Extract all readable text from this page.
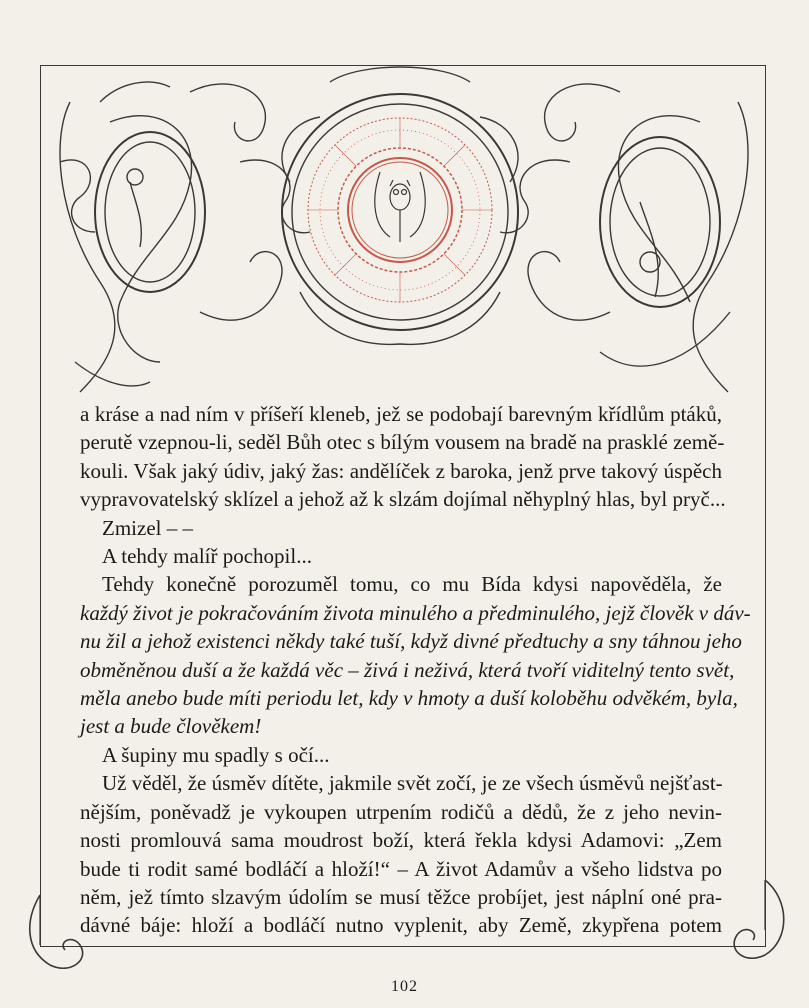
a kráse a nad ním v příšeří kleneb, jež se podobají barevným křídlům ptáků,
perutě vzepnou-li, seděl Bůh otec s bílým vousem na bradě na prasklé země-
kouli. Však jaký údiv, jaký žas: andělíček z baroka, jenž prve takový úspěch
vypravovatelský sklízel a jehož až k slzám dojímal něhyplný hlas, byl pryč...

Zmizel – –

A tehdy malíř pochopil...

Tehdy konečně porozuměl tomu, co mu Bída kdysi napověděla, že
každý život je pokračováním života minulého a předminulého, jejž člověk v dáv-
nu žil a jehož existenci někdy také tuší, když divné předtuchy a sny táhnou jeho
obměněnou duší a že každá věc – živá i neživá, která tvoří viditelný tento svět,
měla anebo bude míti periodu let, kdy v hmoty a duší koloběhu odvěkém, byla,
jest a bude člověkem!

A šupiny mu spadly s očí...

Už věděl, že úsměv dítěte, jakmile svět zočí, je ze všech úsměvů nejšťast-
nějším, poněvadž je vykoupen utrpením rodičů a dědů, že z jeho nevin-
nosti promlouvá sama moudrost boží, která řekla kdysi Adamovi: „Zem
bude ti rodit samé bodláčí a hloží!“ – A život Adamův a všeho lidstva po
něm, jež tímto slzavým údolím se musí těžce probíjet, jest náplní oné pra-
dávné báje: hloží a bodláčí nutno vyplenit, aby Země, zkypřena potem

102
